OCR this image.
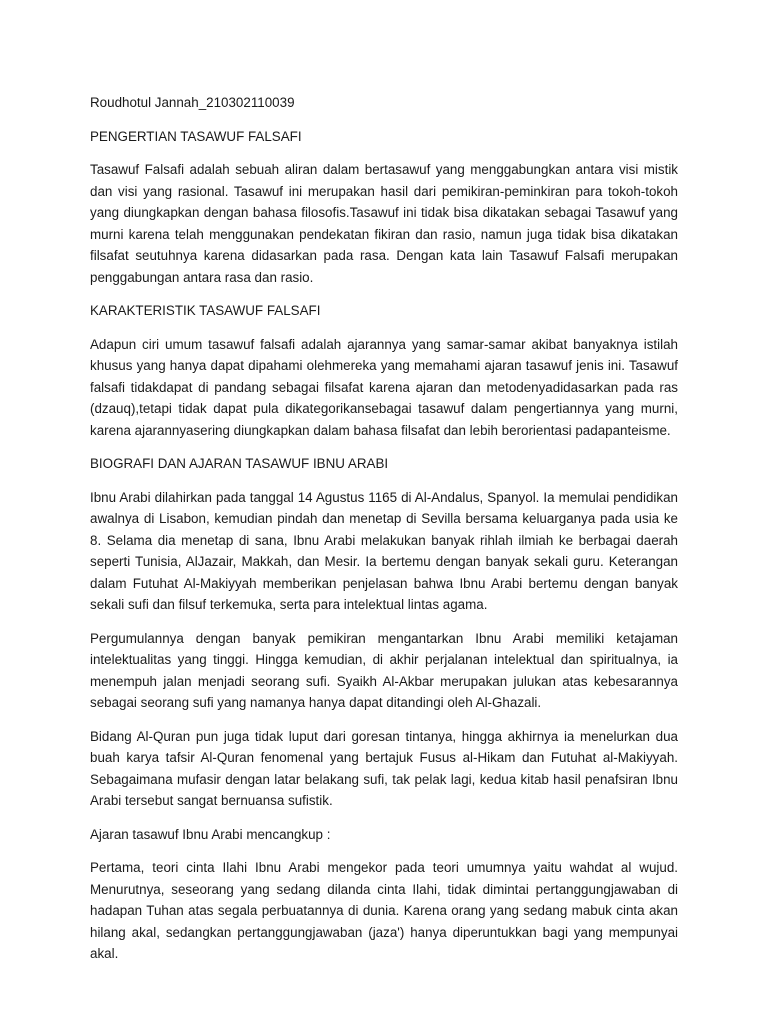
Roudhotul Jannah_210302110039

PENGERTIAN TASAWUF FALSAFI

Tasawuf Falsafi adalah sebuah aliran dalam bertasawuf yang menggabungkan antara visi mistik dan visi yang rasional. Tasawuf ini merupakan hasil dari pemikiran-peminkiran para tokoh-tokoh yang diungkapkan dengan bahasa filosofis.Tasawuf ini tidak bisa dikatakan sebagai Tasawuf yang murni karena telah menggunakan pendekatan fikiran dan rasio, namun juga tidak bisa dikatakan filsafat seutuhnya karena didasarkan pada rasa. Dengan kata lain Tasawuf Falsafi merupakan penggabungan antara rasa dan rasio.

KARAKTERISTIK TASAWUF FALSAFI

Adapun ciri umum tasawuf falsafi adalah ajarannya yang samar-samar akibat banyaknya istilah khusus yang hanya dapat dipahami olehmereka yang memahami ajaran tasawuf jenis ini. Tasawuf falsafi tidakdapat di pandang sebagai filsafat karena ajaran dan metodenyadidasarkan pada ras (dzauq),tetapi tidak dapat pula dikategorikansebagai tasawuf dalam pengertiannya yang murni, karena ajarannyasering diungkapkan dalam bahasa filsafat dan lebih berorientasi padapanteisme.

BIOGRAFI DAN AJARAN TASAWUF IBNU ARABI

Ibnu Arabi dilahirkan pada tanggal 14 Agustus 1165 di Al-Andalus, Spanyol. Ia memulai pendidikan awalnya di Lisabon, kemudian pindah dan menetap di Sevilla bersama keluarganya pada usia ke 8. Selama dia menetap di sana, Ibnu Arabi melakukan banyak rihlah ilmiah ke berbagai daerah seperti Tunisia, AlJazair, Makkah, dan Mesir. Ia bertemu dengan banyak sekali guru. Keterangan dalam Futuhat Al-Makiyyah memberikan penjelasan bahwa Ibnu Arabi bertemu dengan banyak sekali sufi dan filsuf terkemuka, serta para intelektual lintas agama.

Pergumulannya dengan banyak pemikiran mengantarkan Ibnu Arabi memiliki ketajaman intelektualitas yang tinggi. Hingga kemudian, di akhir perjalanan intelektual dan spiritualnya, ia menempuh jalan menjadi seorang sufi. Syaikh Al-Akbar merupakan julukan atas kebesarannya sebagai seorang sufi yang namanya hanya dapat ditandingi oleh Al-Ghazali.

Bidang Al-Quran pun juga tidak luput dari goresan tintanya, hingga akhirnya ia menelurkan dua buah karya tafsir Al-Quran fenomenal yang bertajuk Fusus al-Hikam dan Futuhat al-Makiyyah. Sebagaimana mufasir dengan latar belakang sufi, tak pelak lagi, kedua kitab hasil penafsiran Ibnu Arabi tersebut sangat bernuansa sufistik.

Ajaran tasawuf Ibnu Arabi mencangkup :

Pertama, teori cinta Ilahi Ibnu Arabi mengekor pada teori umumnya yaitu wahdat al wujud. Menurutnya, seseorang yang sedang dilanda cinta Ilahi, tidak dimintai pertanggungjawaban di hadapan Tuhan atas segala perbuatannya di dunia. Karena orang yang sedang mabuk cinta akan hilang akal, sedangkan pertanggungjawaban (jaza') hanya diperuntukkan bagi yang mempunyai akal.
